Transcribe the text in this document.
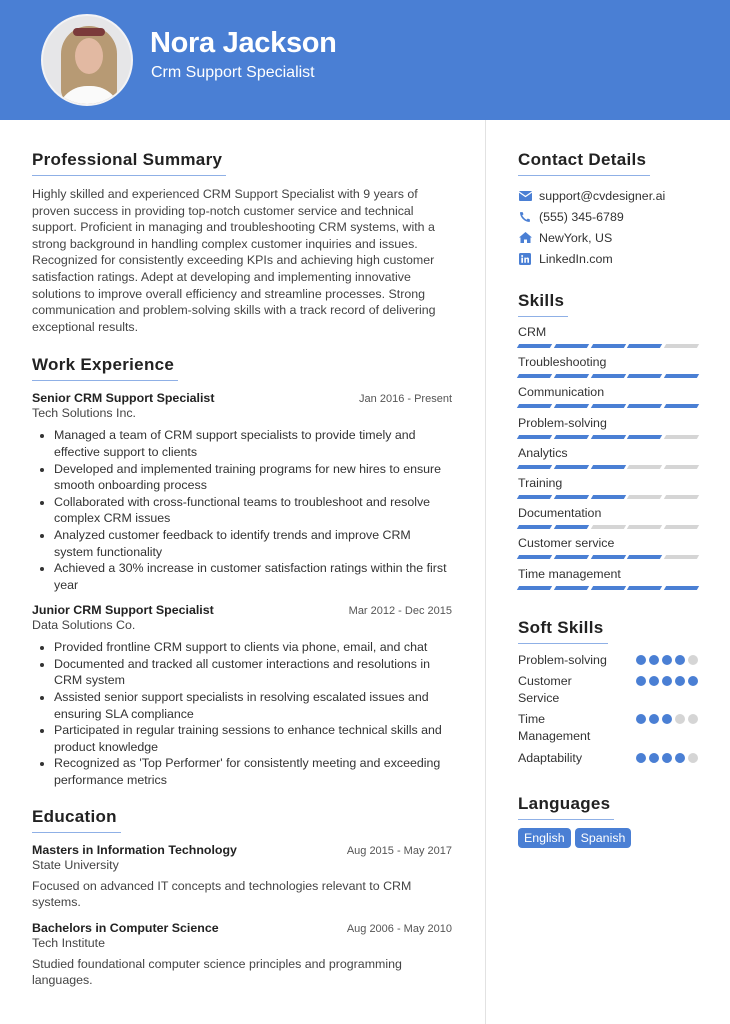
Nora Jackson
Crm Support Specialist
Professional Summary

Highly skilled and experienced CRM Support Specialist with 9 years of proven success in providing top-notch customer service and technical support. Proficient in managing and troubleshooting CRM systems, with a strong background in handling complex customer inquiries and issues. Recognized for consistently exceeding KPIs and achieving high customer satisfaction ratings. Adept at developing and implementing innovative solutions to improve overall efficiency and streamline processes. Strong communication and problem-solving skills with a track record of delivering exceptional results.

Work Experience
Senior CRM Support Specialist	Jan 2016 - Present
Tech Solutions Inc.
• Managed a team of CRM support specialists to provide timely and effective support to clients
• Developed and implemented training programs for new hires to ensure smooth onboarding process
• Collaborated with cross-functional teams to troubleshoot and resolve complex CRM issues
• Analyzed customer feedback to identify trends and improve CRM system functionality
• Achieved a 30% increase in customer satisfaction ratings within the first year
Junior CRM Support Specialist	Mar 2012 - Dec 2015
Data Solutions Co.
• Provided frontline CRM support to clients via phone, email, and chat
• Documented and tracked all customer interactions and resolutions in CRM system
• Assisted senior support specialists in resolving escalated issues and ensuring SLA compliance
• Participated in regular training sessions to enhance technical skills and product knowledge
• Recognized as 'Top Performer' for consistently meeting and exceeding performance metrics
Education
Masters in Information Technology	Aug 2015 - May 2017
State University
Focused on advanced IT concepts and technologies relevant to CRM systems.
Bachelors in Computer Science	Aug 2006 - May 2010
Tech Institute
Studied foundational computer science principles and programming languages.
Contact Details
support@cvdesigner.ai
(555) 345-6789
NewYork, US
LinkedIn.com
Skills
CRM
Troubleshooting
Communication
Problem-solving
Analytics
Training
Documentation
Customer service
Time management
Soft Skills
Problem-solving
Customer Service
Time Management
Adaptability
Languages
English	Spanish
